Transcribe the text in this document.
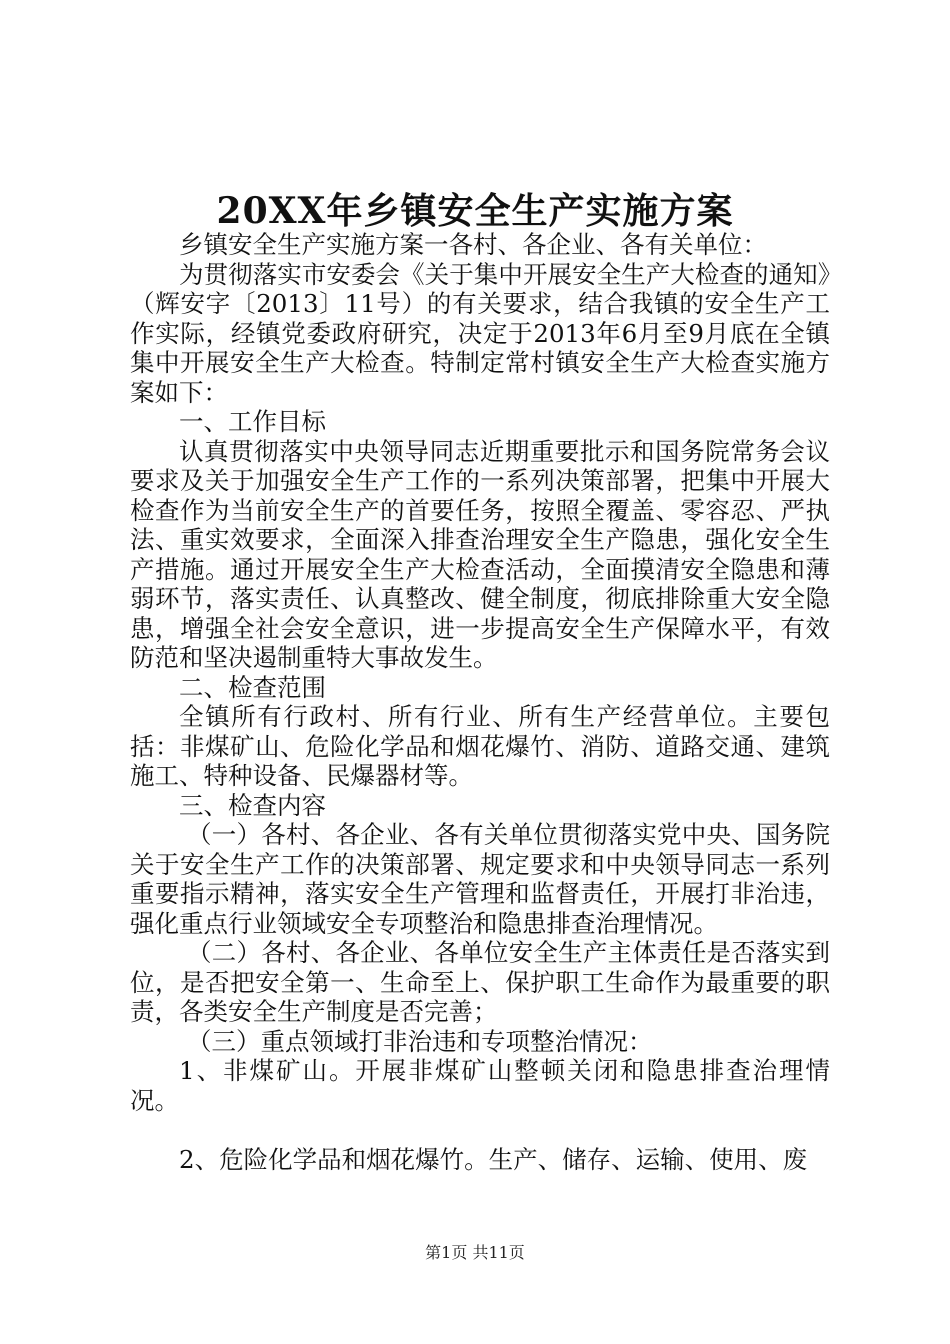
20XX年乡镇安全生产实施方案

乡镇安全生产实施方案一各村、各企业、各有关单位：

为贯彻落实市安委会《关于集中开展安全生产大检查的通知》（辉安字〔2013〕11号）的有关要求，结合我镇的安全生产工作实际，经镇党委政府研究，决定于2013年6月至9月底在全镇集中开展安全生产大检查。特制定常村镇安全生产大检查实施方案如下：

一、工作目标

认真贯彻落实中央领导同志近期重要批示和国务院常务会议要求及关于加强安全生产工作的一系列决策部署，把集中开展大检查作为当前安全生产的首要任务，按照全覆盖、零容忍、严执法、重实效要求，全面深入排查治理安全生产隐患，强化安全生产措施。通过开展安全生产大检查活动，全面摸清安全隐患和薄弱环节，落实责任、认真整改、健全制度，彻底排除重大安全隐患，增强全社会安全意识，进一步提高安全生产保障水平，有效防范和坚决遏制重特大事故发生。

二、检查范围

全镇所有行政村、所有行业、所有生产经营单位。主要包括：非煤矿山、危险化学品和烟花爆竹、消防、道路交通、建筑施工、特种设备、民爆器材等。

三、检查内容

（一）各村、各企业、各有关单位贯彻落实党中央、国务院关于安全生产工作的决策部署、规定要求和中央领导同志一系列重要指示精神，落实安全生产管理和监督责任，开展打非治违，强化重点行业领域安全专项整治和隐患排查治理情况。

（二）各村、各企业、各单位安全生产主体责任是否落实到位，是否把安全第一、生命至上、保护职工生命作为最重要的职责，各类安全生产制度是否完善；

（三）重点领域打非治违和专项整治情况：

1、非煤矿山。开展非煤矿山整顿关闭和隐患排查治理情况。

2、危险化学品和烟花爆竹。生产、储存、运输、使用、废

第1页 共11页
